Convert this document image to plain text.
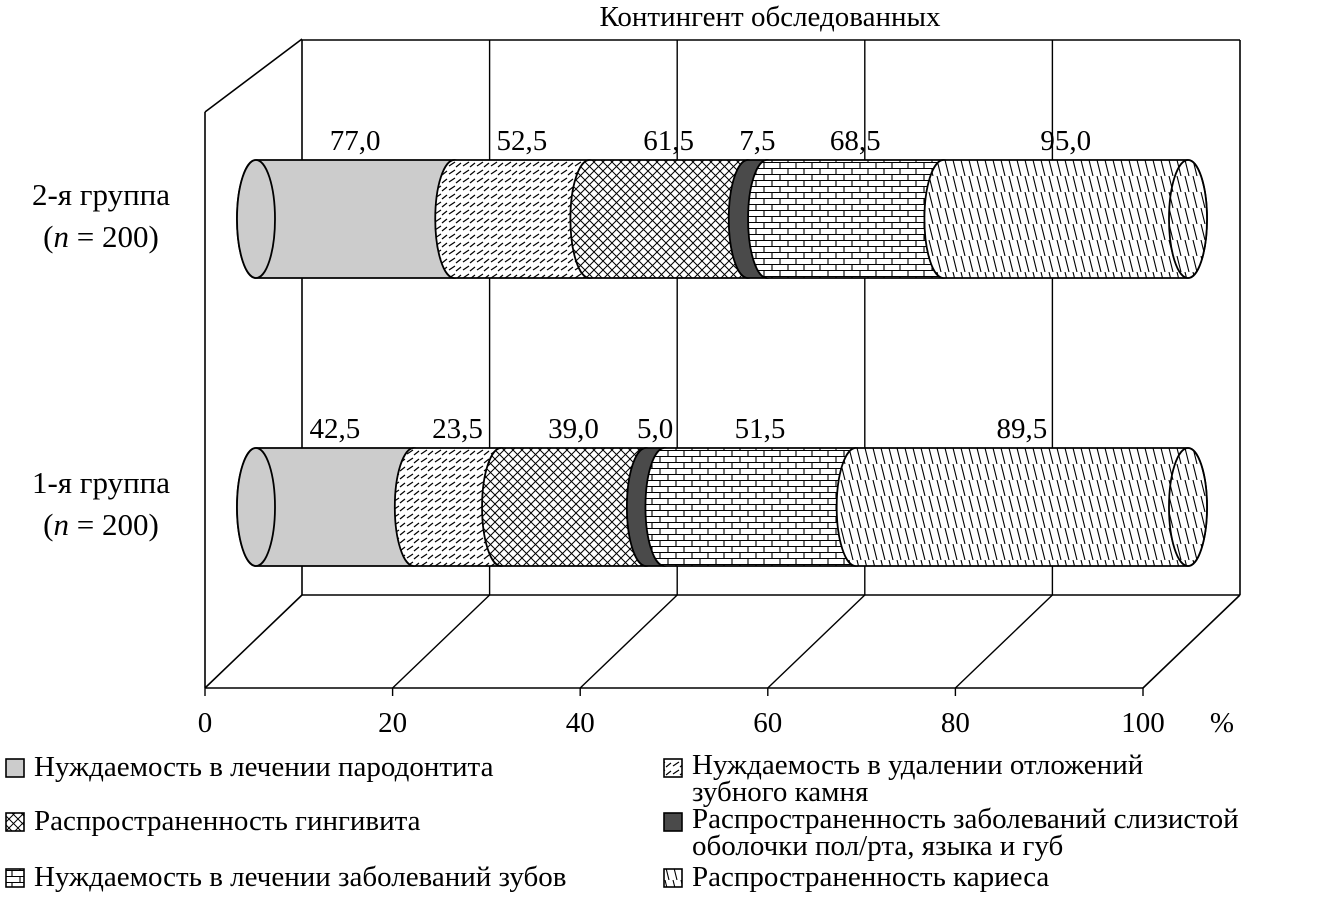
77,0	52,5	61,5 7,5 68,5	95,0
42,5 23,5 39,0 5,0 51,5	89,5
Контингент обследованных
%
0	20	40	60	80	100
2-я группа
(n = 200)
1-я группа
(n = 200)
Нуждаемость в лечении пародонтита
Распространенность гингивита
Нуждаемость в лечении заболеваний зубов
Нуждаемость в удалении отложений
зубного камня
Распространенность заболеваний слизистой
оболочки пол/рта, языка и губ
Распространенность кариеса
